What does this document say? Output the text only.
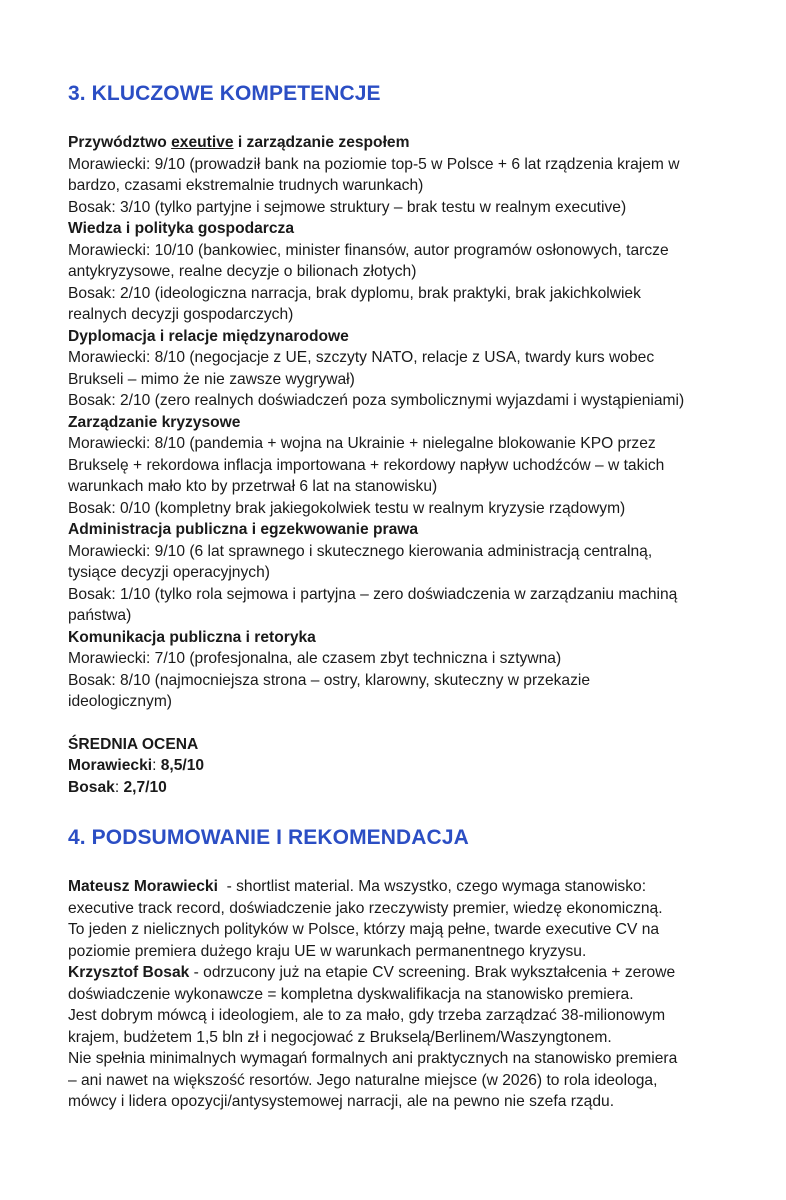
3. KLUCZOWE KOMPETENCJE

Przywództwo exeutive i zarządzanie zespołem

Morawiecki: 9/10 (prowadził bank na poziomie top-5 w Polsce + 6 lat rządzenia krajem w

bardzo, czasami ekstremalnie trudnych warunkach)

Bosak: 3/10 (tylko partyjne i sejmowe struktury – brak testu w realnym executive)

Wiedza i polityka gospodarcza

Morawiecki: 10/10 (bankowiec, minister finansów, autor programów osłonowych, tarcze

antykryzysowe, realne decyzje o bilionach złotych)

Bosak: 2/10 (ideologiczna narracja, brak dyplomu, brak praktyki, brak jakichkolwiek

realnych decyzji gospodarczych)

Dyplomacja i relacje międzynarodowe

Morawiecki: 8/10 (negocjacje z UE, szczyty NATO, relacje z USA, twardy kurs wobec

Brukseli – mimo że nie zawsze wygrywał)

Bosak: 2/10 (zero realnych doświadczeń poza symbolicznymi wyjazdami i wystąpieniami)

Zarządzanie kryzysowe

Morawiecki: 8/10 (pandemia + wojna na Ukrainie + nielegalne blokowanie KPO przez

Brukselę + rekordowa inflacja importowana + rekordowy napływ uchodźców – w takich

warunkach mało kto by przetrwał 6 lat na stanowisku)

Bosak: 0/10 (kompletny brak jakiegokolwiek testu w realnym kryzysie rządowym)

Administracja publiczna i egzekwowanie prawa

Morawiecki: 9/10 (6 lat sprawnego i skutecznego kierowania administracją centralną,

tysiące decyzji operacyjnych)

Bosak: 1/10 (tylko rola sejmowa i partyjna – zero doświadczenia w zarządzaniu machiną

państwa)

Komunikacja publiczna i retoryka

Morawiecki: 7/10 (profesjonalna, ale czasem zbyt techniczna i sztywna)

Bosak: 8/10 (najmocniejsza strona – ostry, klarowny, skuteczny w przekazie

ideologicznym)

ŚREDNIA OCENA

Morawiecki: 8,5/10

Bosak: 2,7/10

4. PODSUMOWANIE I REKOMENDACJA

Mateusz Morawiecki  - shortlist material. Ma wszystko, czego wymaga stanowisko:

executive track record, doświadczenie jako rzeczywisty premier, wiedzę ekonomiczną.

To jeden z nielicznych polityków w Polsce, którzy mają pełne, twarde executive CV na

poziomie premiera dużego kraju UE w warunkach permanentnego kryzysu.

Krzysztof Bosak - odrzucony już na etapie CV screening. Brak wykształcenia + zerowe

doświadczenie wykonawcze = kompletna dyskwalifikacja na stanowisko premiera.

Jest dobrym mówcą i ideologiem, ale to za mało, gdy trzeba zarządzać 38-milionowym

krajem, budżetem 1,5 bln zł i negocjować z Brukselą/Berlinem/Waszyngtonem.

Nie spełnia minimalnych wymagań formalnych ani praktycznych na stanowisko premiera

– ani nawet na większość resortów. Jego naturalne miejsce (w 2026) to rola ideologa,

mówcy i lidera opozycji/antysystemowej narracji, ale na pewno nie szefa rządu.
